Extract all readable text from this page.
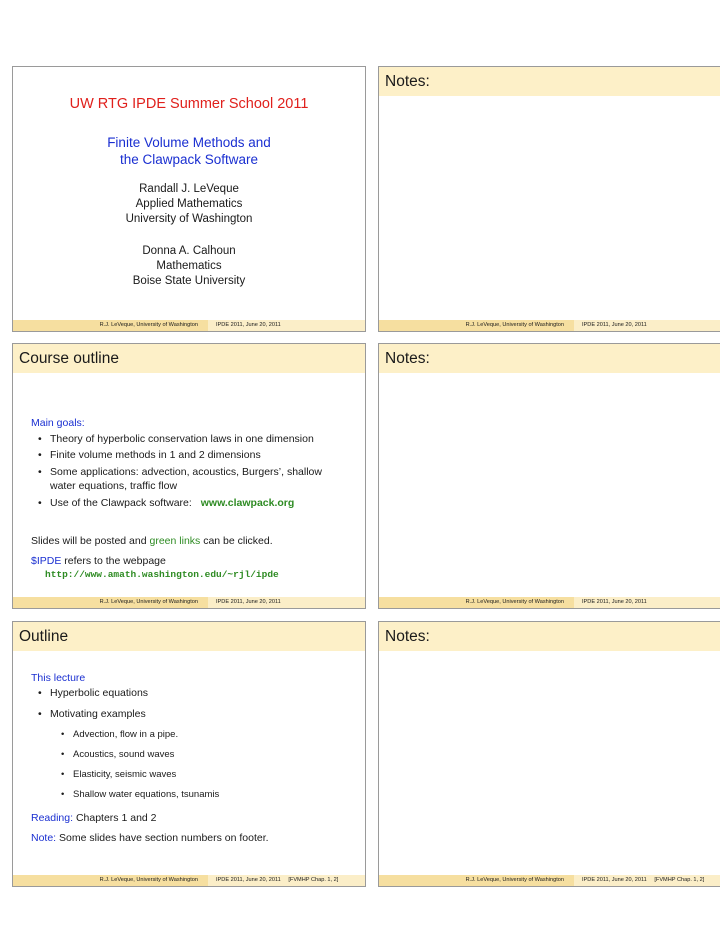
UW RTG IPDE Summer School 2011
Finite Volume Methods and
the Clawpack Software
Randall J. LeVeque
Applied Mathematics
University of Washington
Donna A. Calhoun
Mathematics
Boise State University
R.J. LeVeque, University of Washington	IPDE 2011, June 20, 2011
Notes:
R.J. LeVeque, University of Washington	IPDE 2011, June 20, 2011
Course outline
Main goals:
• Theory of hyperbolic conservation laws in one dimension
• Finite volume methods in 1 and 2 dimensions
• Some applications: advection, acoustics, Burgers’, shallow water equations, traffic flow
• Use of the Clawpack software: www.clawpack.org
Slides will be posted and green links can be clicked.
$IPDE refers to the webpage
http://www.amath.washington.edu/~rjl/ipde
R.J. LeVeque, University of Washington	IPDE 2011, June 20, 2011
Notes:
R.J. LeVeque, University of Washington	IPDE 2011, June 20, 2011
Outline
This lecture
• Hyperbolic equations
• Motivating examples
• Advection, flow in a pipe.
• Acoustics, sound waves
• Elasticity, seismic waves
• Shallow water equations, tsunamis
Reading: Chapters 1 and 2
Note: Some slides have section numbers on footer.
R.J. LeVeque, University of Washington	IPDE 2011, June 20, 2011 [FVMHP Chap. 1, 2]
Notes:
R.J. LeVeque, University of Washington	IPDE 2011, June 20, 2011 [FVMHP Chap. 1, 2]
